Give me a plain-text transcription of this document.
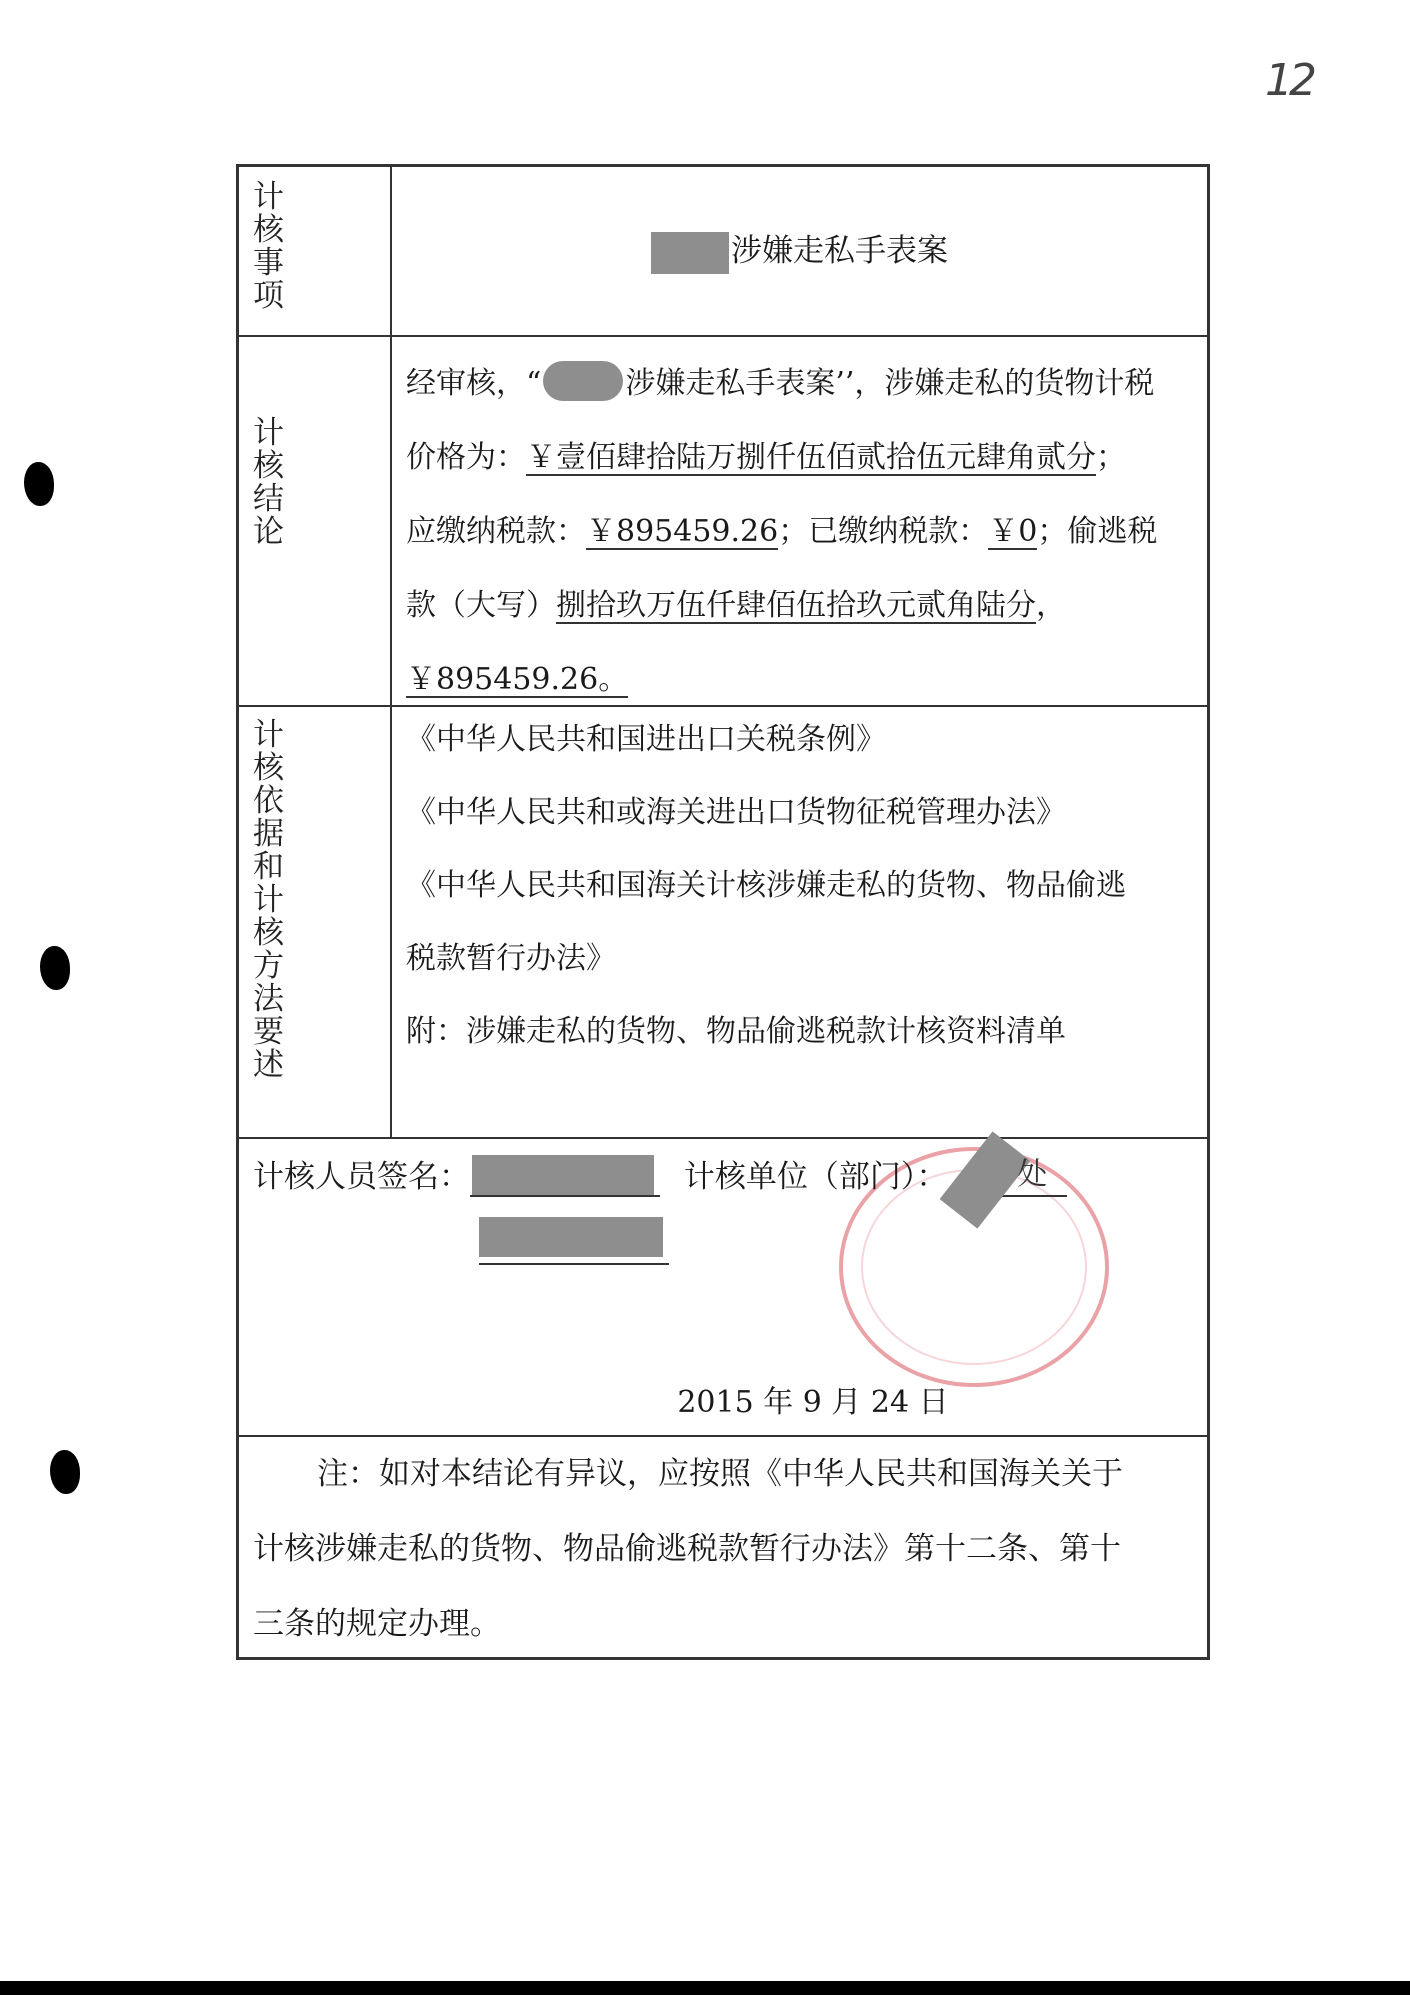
12
计核事项
涉嫌走私手表案
计核结论
经审核，“	涉嫌走私手表案’’，涉嫌走私的货物计税
价格为：￥壹佰肆拾陆万捌仟伍佰贰拾伍元肆角贰分；
应缴纳税款：￥895459.26；已缴纳税款：￥0；偷逃税
款（大写）捌拾玖万伍仟肆佰伍拾玖元贰角陆分，
￥895459.26。
计核依据和计核方法要述
《中华人民共和国进出口关税条例》
《中华人民共和或海关进出口货物征税管理办法》
《中华人民共和国海关计核涉嫌走私的货物、物品偷逃
税款暂行办法》
附：涉嫌走私的货物、物品偷逃税款计核资料清单
计核人员签名：	计核单位（部门）： 处
2015 年 9 月 24 日
注：如对本结论有异议，应按照《中华人民共和国海关关于
计核涉嫌走私的货物、物品偷逃税款暂行办法》第十二条、第十
三条的规定办理。
